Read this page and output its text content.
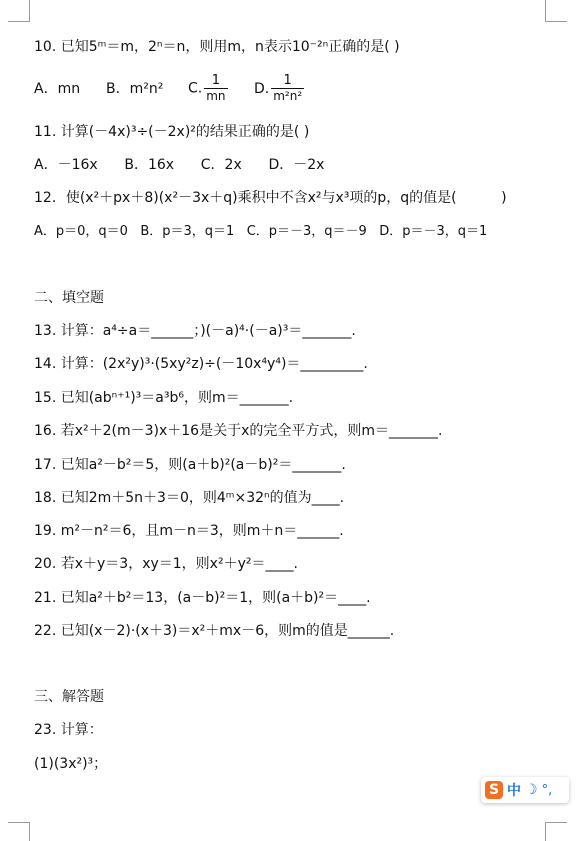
10. 已知5ᵐ＝m，2ⁿ＝n，则用m，n表示10⁻²ⁿ正确的是( )
A．mn B．m²n² C. $\frac{1}{mn} D$. $\frac{1}{\text{m²n²}}$
11. 计算(－4x)³÷(－2x)²的结果正确的是( )
A．－16x      B．16x      C．2x      D．－2x
12．使(x²＋px＋8)(x²－3x＋q)乘积中不含x²与x³项的p，q的值是(          )
A．p＝0，q＝0   B．p＝3，q＝1   C．p＝－3，q＝－9   D．p＝－3，q＝1
二、填空题
13. 计算：a⁴÷a＝______；)(－a)⁴·(－a)³＝_______.
14. 计算：(2x²y)³·(5xy²z)÷(－10x⁴y⁴)＝_________.
15. 已知(abⁿ⁺¹)³＝a³b⁶，则m＝_______.
16. 若x²＋2(m－3)x＋16是关于x的完全平方式，则m＝_______.
17. 已知a²－b²＝5，则(a＋b)²(a－b)²＝_______.
18. 已知2m＋5n＋3＝0，则4ᵐ×32ⁿ的值为____.
19. m²－n²＝6，且m－n＝3，则m＋n＝______.
20. 若x＋y＝3，xy＝1，则x²＋y²＝____.
21. 已知a²＋b²＝13，(a－b)²＝1，则(a＋b)²＝____.
22. 已知(x－2)·(x＋3)＝x²＋mx－6，则m的值是______.
三、解答题
23. 计算：
(1)(3x²)³；
S 中 ☽ °,
